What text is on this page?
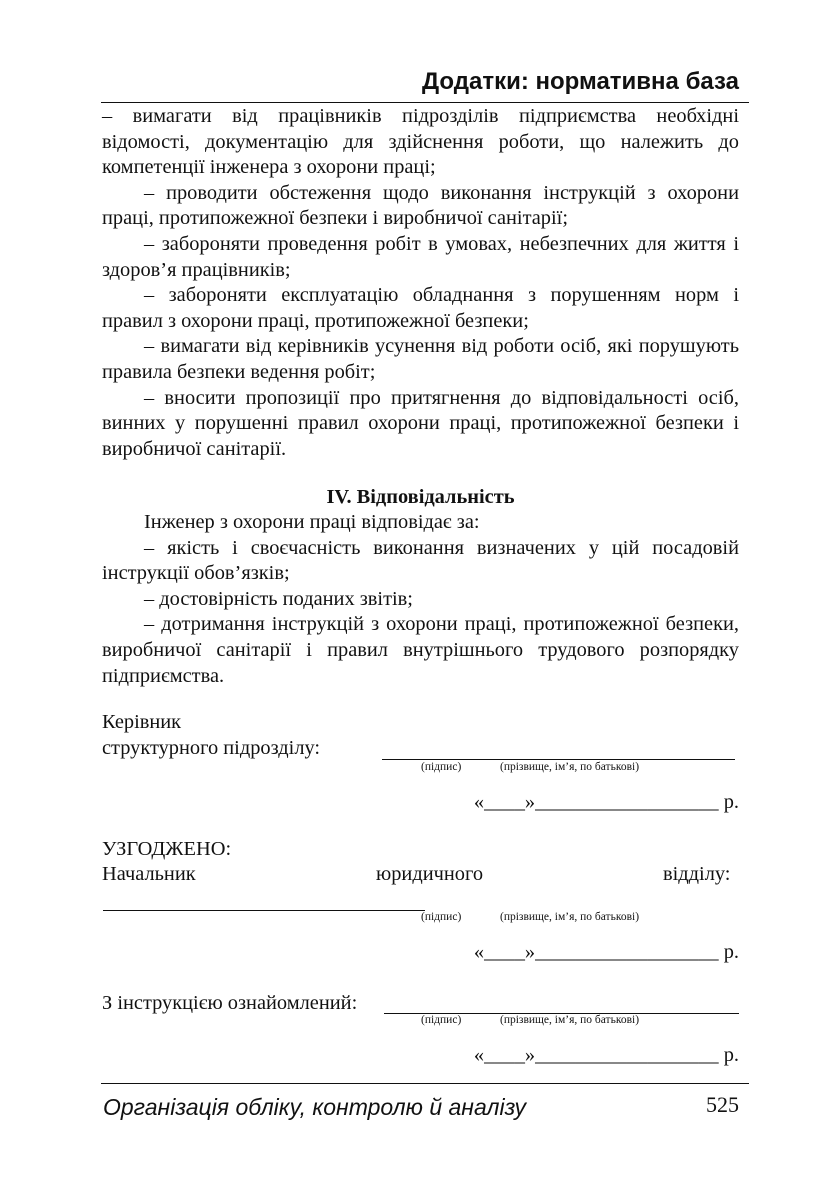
Додатки: нормативна база

– вимагати від працівників підрозділів підприємства необхідні відомості, документацію для здійснення роботи, що належить до компетенції інженера з охорони праці;

– проводити обстеження щодо виконання інструкцій з охорони праці, протипожежної безпеки і виробничої санітарії;

– забороняти проведення робіт в умовах, небезпечних для життя і здоров’я працівників;

– забороняти експлуатацію обладнання з порушенням норм і правил з охорони праці, протипожежної безпеки;

– вимагати від керівників усунення від роботи осіб, які порушують правила безпеки ведення робіт;

– вносити пропозиції про притягнення до відповідальності осіб, винних у порушенні правил охорони праці, протипожежної безпеки і виробничої санітарії.

IV. Відповідальність

Інженер з охорони праці відповідає за:

– якість і своєчасність виконання визначених у цій посадовій інструкції обов’язків;

– достовірність поданих звітів;

– дотримання інструкцій з охорони праці, протипожежної безпеки, виробничої санітарії і правил внутрішнього трудового розпорядку підприємства.

Керівник
структурного підрозділу:
(підпис)	(прізвище, ім’я, по батькові)
«____»__________________ р.
УЗГОДЖЕНО:
Начальник	юридичного	відділу:
(підпис)	(прізвище, ім’я, по батькові)
«____»__________________ р.
З інструкцією ознайомлений:
(підпис)	(прізвище, ім’я, по батькові)
«____»__________________ р.
Організація обліку, контролю й аналізу	525
